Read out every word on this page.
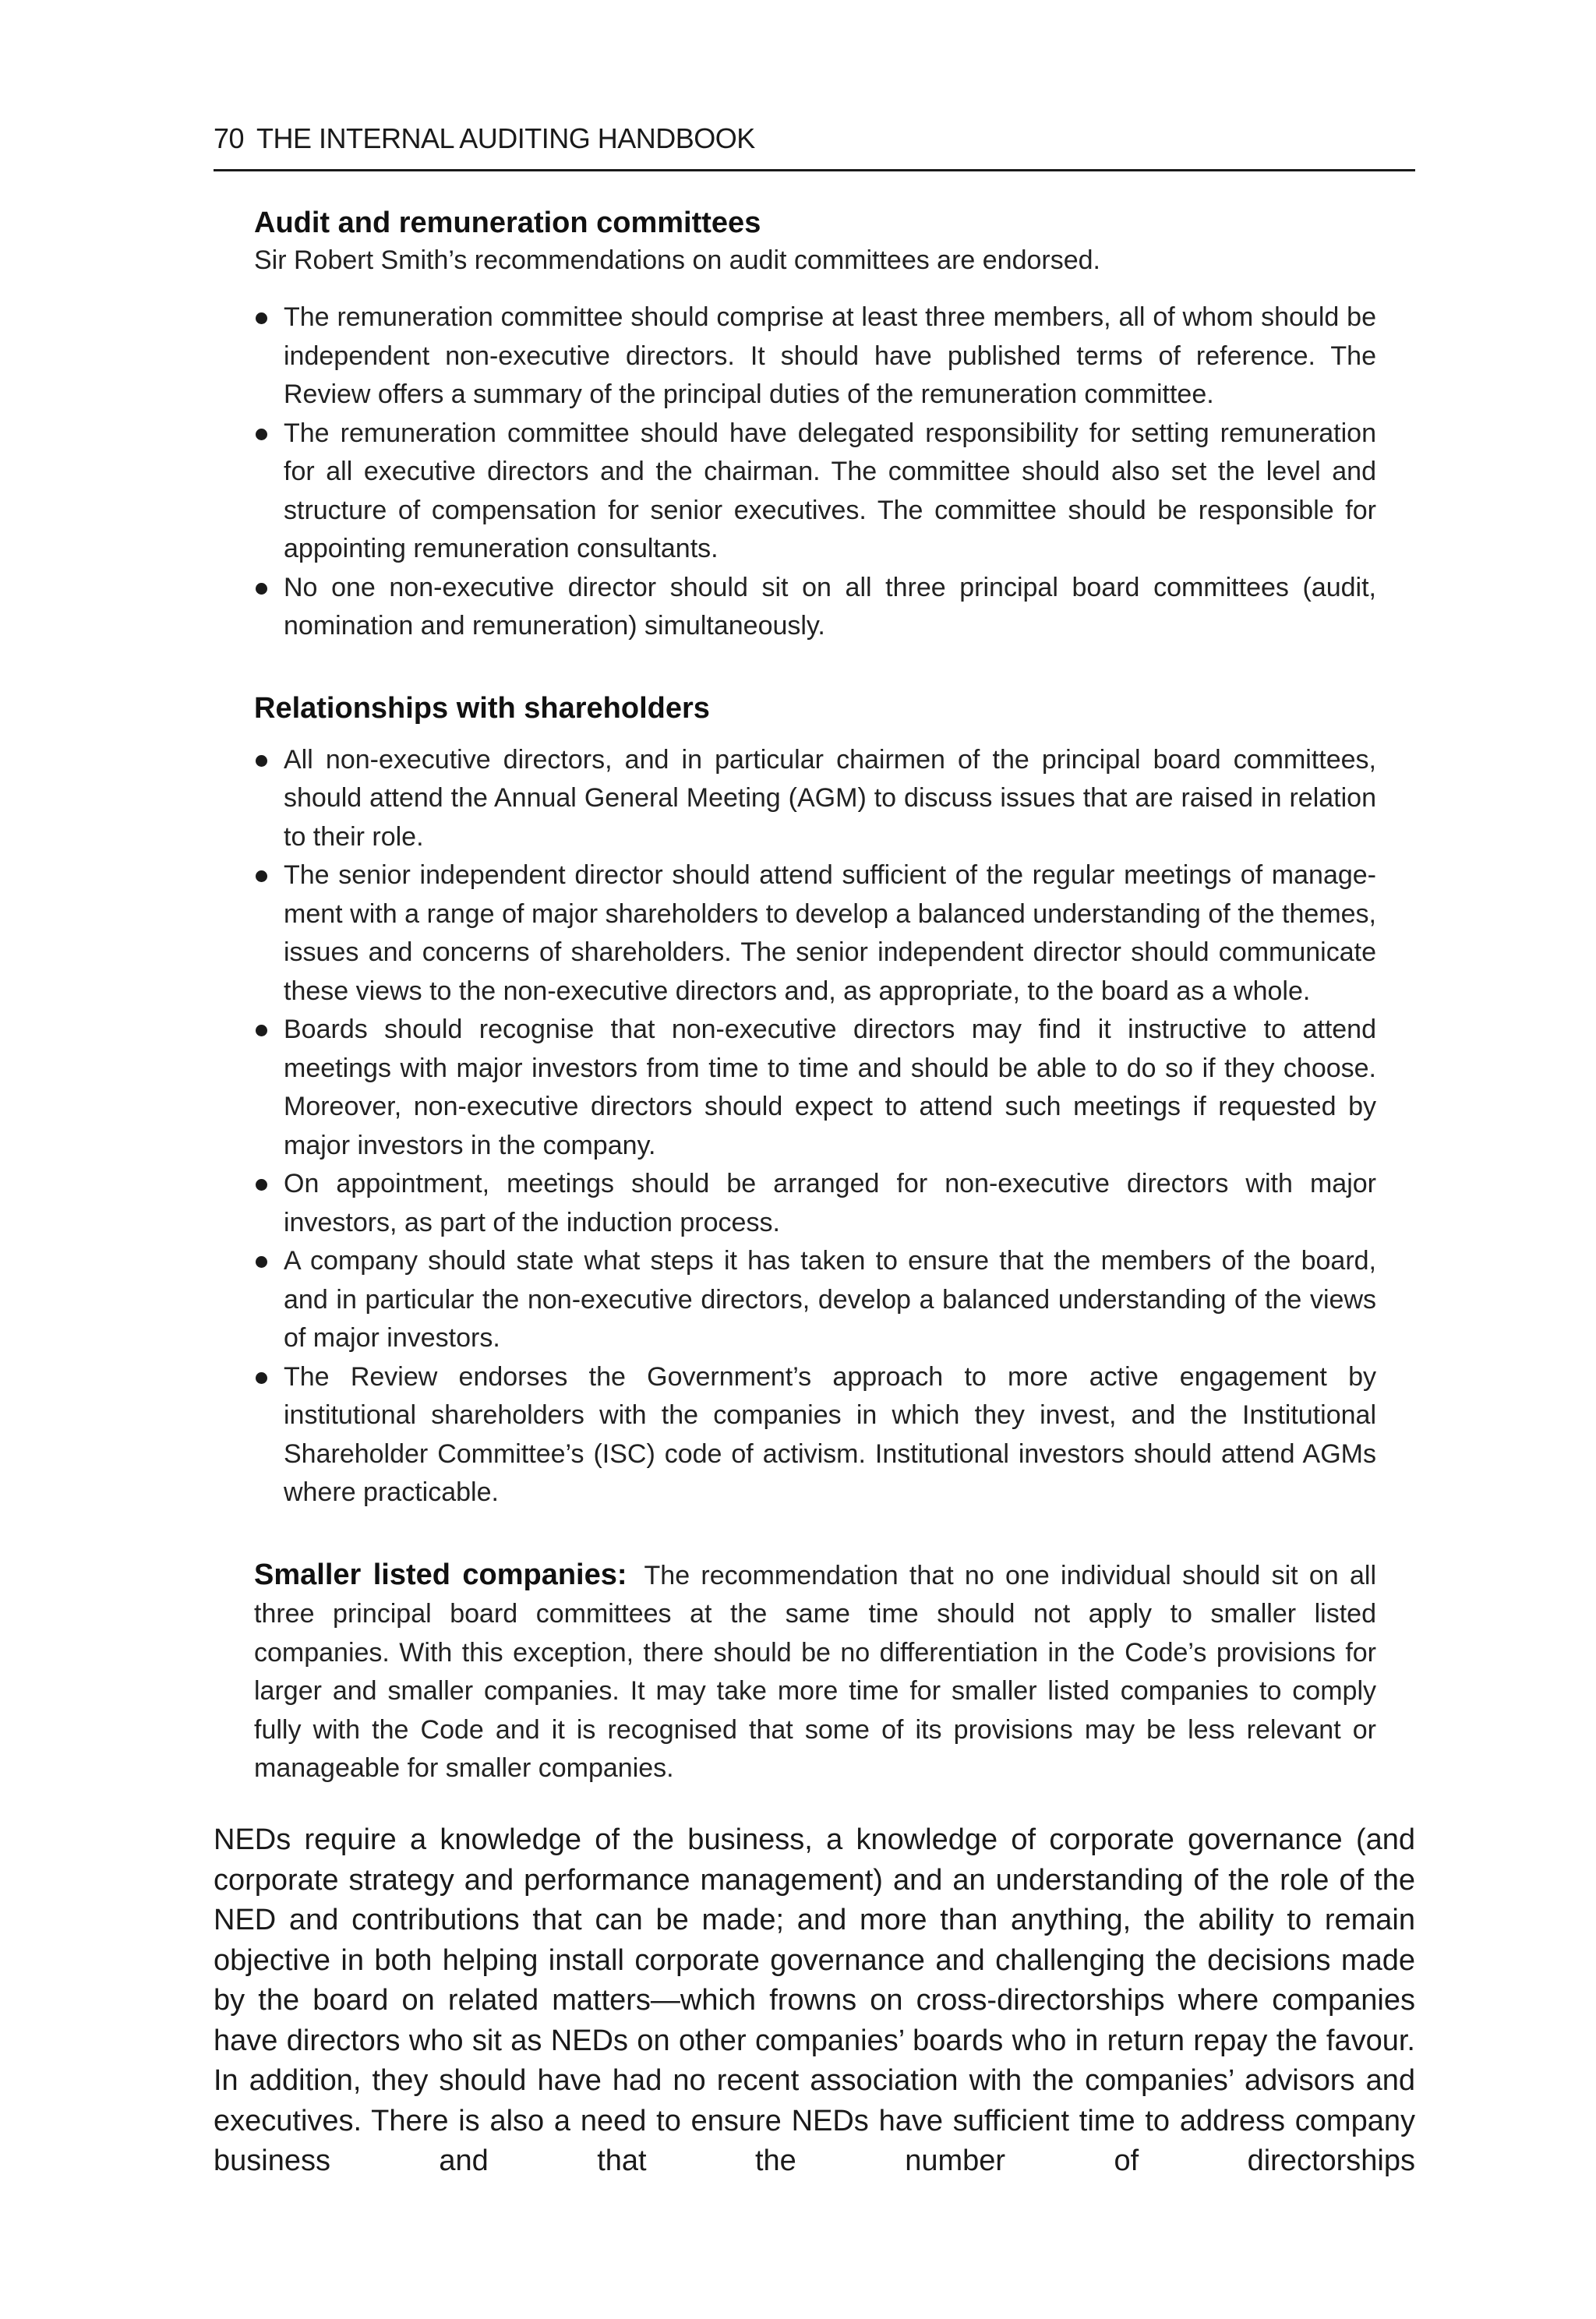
70 THE INTERNAL AUDITING HANDBOOK
Audit and remuneration committees

Sir Robert Smith’s recommendations on audit committees are endorsed.

The remuneration committee should comprise at least three members, all of whom should be independent non-executive directors. It should have published terms of reference. The Review offers a summary of the principal duties of the remuneration committee.
The remuneration committee should have delegated responsibility for setting remuneration for all executive directors and the chairman. The committee should also set the level and structure of compensation for senior executives. The committee should be responsible for appointing remuneration consultants.
No one non-executive director should sit on all three principal board committees (audit, nomination and remuneration) simultaneously.
Relationships with shareholders
All non-executive directors, and in particular chairmen of the principal board committees, should attend the Annual General Meeting (AGM) to discuss issues that are raised in relation to their role.
The senior independent director should attend sufficient of the regular meetings of manage-ment with a range of major shareholders to develop a balanced understanding of the themes, issues and concerns of shareholders. The senior independent director should communicate these views to the non-executive directors and, as appropriate, to the board as a whole.
Boards should recognise that non-executive directors may find it instructive to attend meetings with major investors from time to time and should be able to do so if they choose. Moreover, non-executive directors should expect to attend such meetings if requested by major investors in the company.
On appointment, meetings should be arranged for non-executive directors with major investors, as part of the induction process.
A company should state what steps it has taken to ensure that the members of the board, and in particular the non-executive directors, develop a balanced understanding of the views of major investors.
The Review endorses the Government’s approach to more active engagement by institutional shareholders with the companies in which they invest, and the Institutional Shareholder Committee’s (ISC) code of activism. Institutional investors should attend AGMs where practicable.

Smaller listed companies: The recommendation that no one individual should sit on all three principal board committees at the same time should not apply to smaller listed companies. With this exception, there should be no differentiation in the Code’s provisions for larger and smaller companies. It may take more time for smaller listed companies to comply fully with the Code and it is recognised that some of its provisions may be less relevant or manageable for smaller companies.

NEDs require a knowledge of the business, a knowledge of corporate governance (and corporate strategy and performance management) and an understanding of the role of the NED and contributions that can be made; and more than anything, the ability to remain objective in both helping install corporate governance and challenging the decisions made by the board on related matters—which frowns on cross-directorships where companies have directors who sit as NEDs on other companies’ boards who in return repay the favour. In addition, they should have had no recent association with the companies’ advisors and executives. There is also a need to ensure NEDs have sufficient time to address company business and that the number of directorships
